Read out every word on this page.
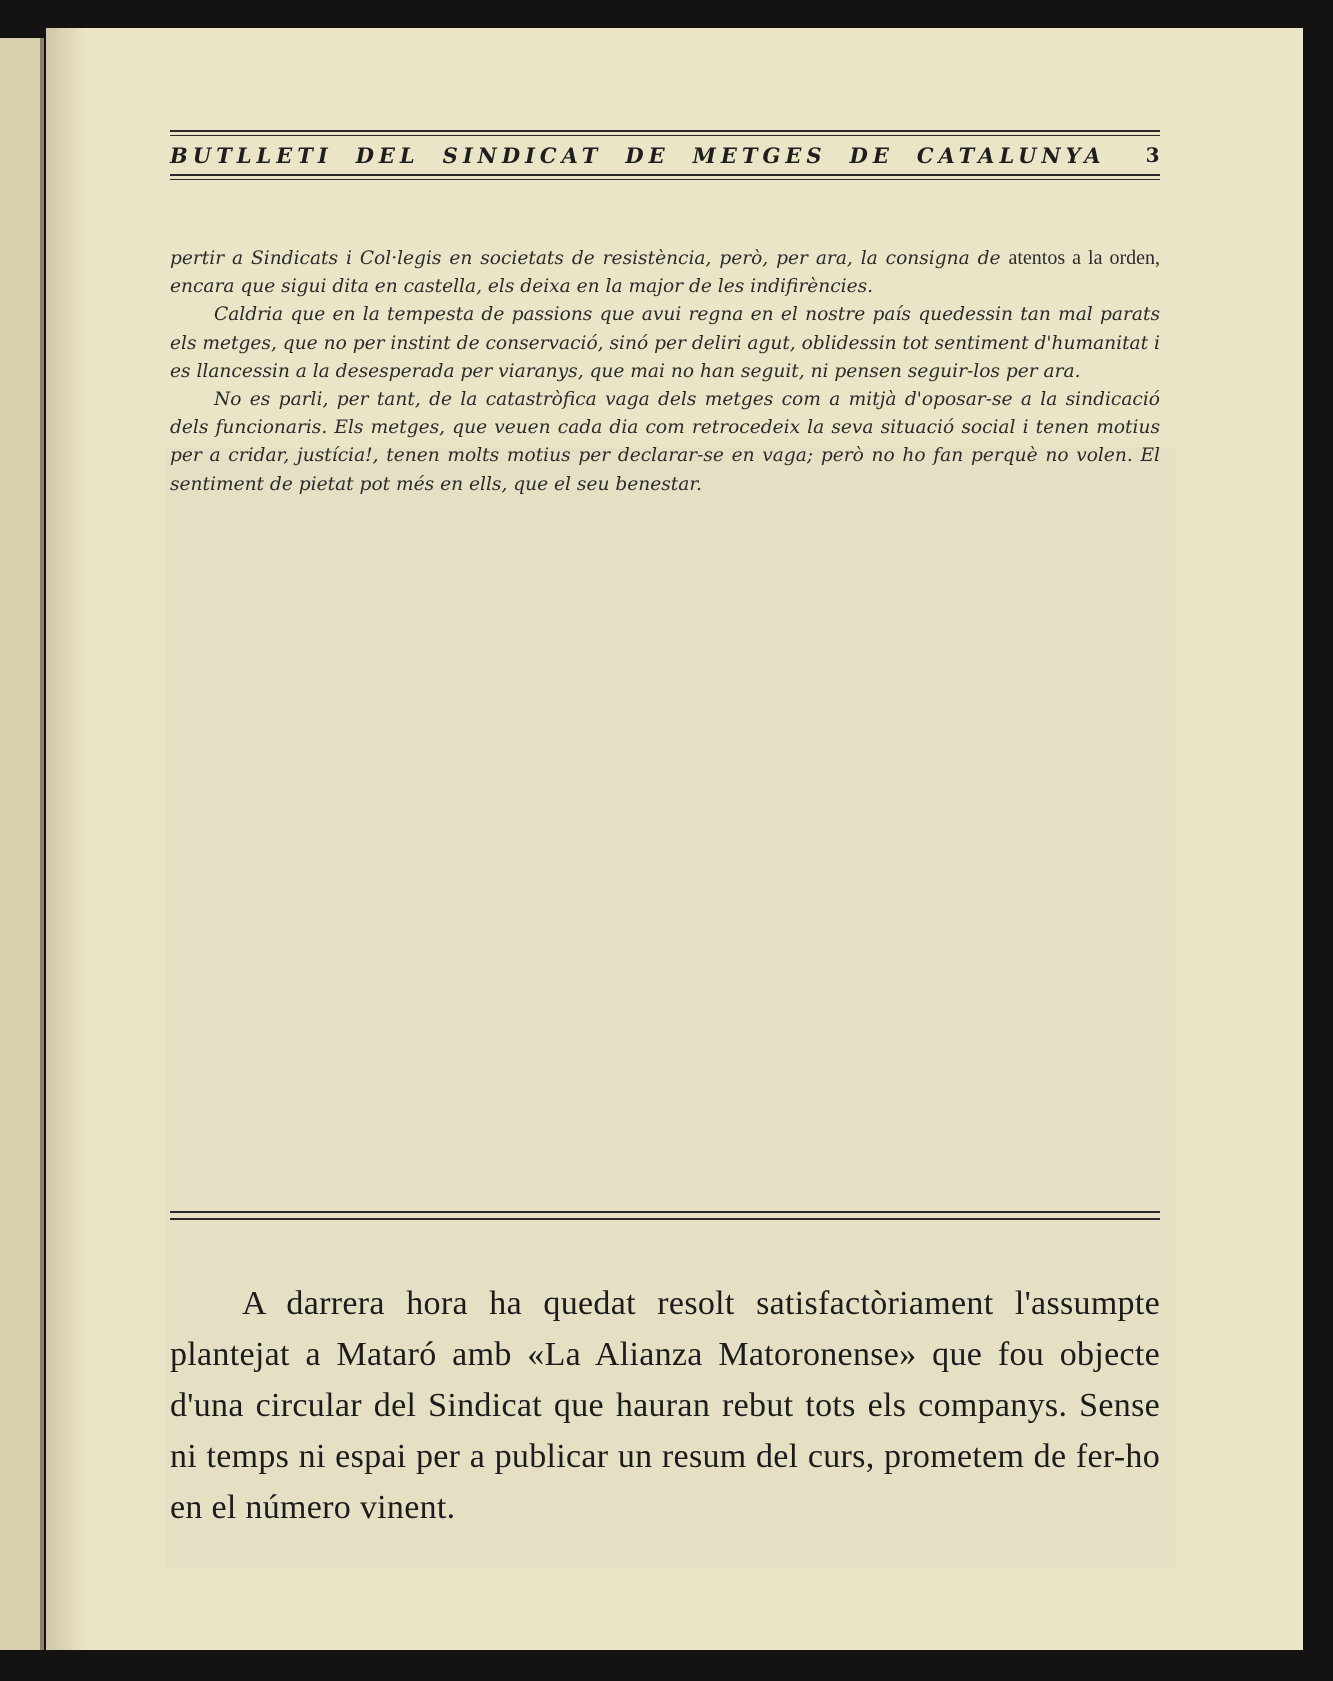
BUTLLETI DEL SINDICAT DE METGES DE CATALUNYA 3

pertir a Sindicats i Col·legis en societats de resistència, però, per ara, la consigna de atentos a la orden, encara que sigui dita en castella, els deixa en la major de les indifirències.

Caldria que en la tempesta de passions que avui regna en el nostre país quedessin tan mal parats els metges, que no per instint de conservació, sinó per deliri agut, oblidessin tot sentiment d'humanitat i es llancessin a la desesperada per viaranys, que mai no han seguit, ni pensen seguir-los per ara.

No es parli, per tant, de la catastròfica vaga dels metges com a mitjà d'oposar-se a la sindicació dels funcionaris. Els metges, que veuen cada dia com retrocedeix la seva situació social i tenen motius per a cridar, justícia!, tenen molts motius per declarar-se en vaga; però no ho fan perquè no volen. El sentiment de pietat pot més en ells, que el seu benestar.

A darrera hora ha quedat resolt satisfactòriament l'assumpte plantejat a Mataró amb «La Alianza Matoronense» que fou objecte d'una circular del Sindicat que hauran rebut tots els companys. Sense ni temps ni espai per a publicar un resum del curs, prometem de fer-ho en el número vinent.
